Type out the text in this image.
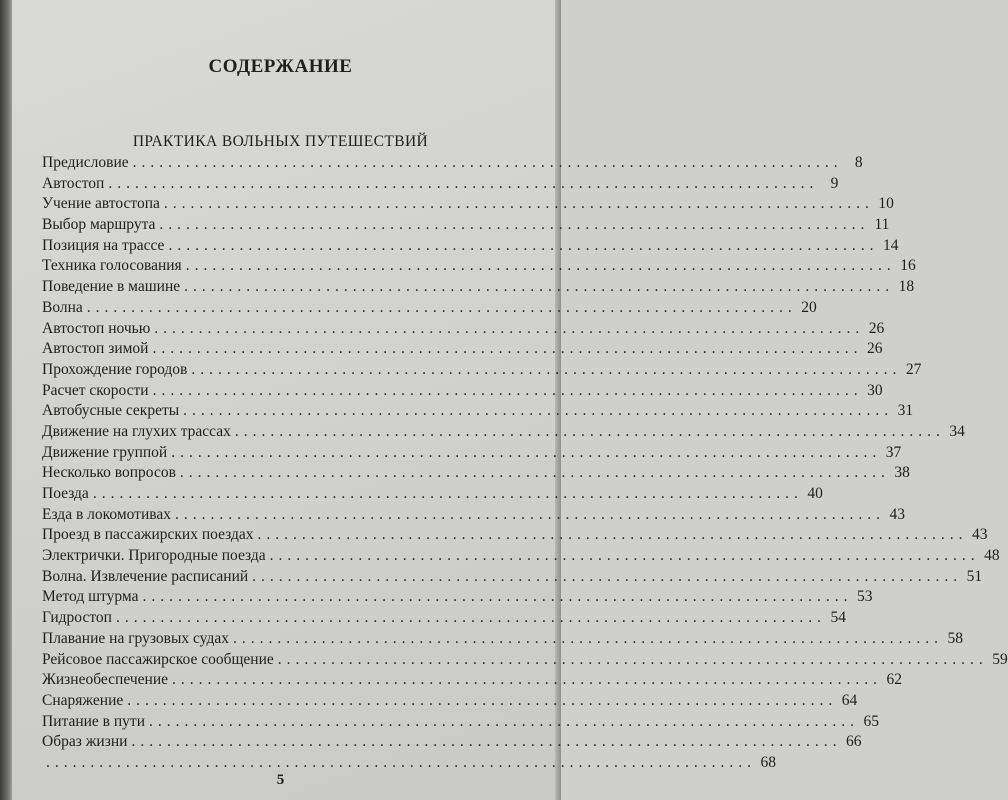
СОДЕРЖАНИЕ
ПРАКТИКА ВОЛЬНЫХ ПУТЕШЕСТВИЙ
Предисловие ................................................................................ 8
Автостоп ................................................................................ 9
Учение автостопа ................................................................................ 10
Выбор маршрута ................................................................................ 11
Позиция на трассе ................................................................................ 14
Техника голосования ................................................................................ 16
Поведение в машине ................................................................................ 18
Волна ................................................................................ 20
Автостоп ночью ................................................................................ 26
Автостоп зимой ................................................................................ 26
Прохождение городов ................................................................................ 27
Расчет скорости ................................................................................ 30
Автобусные секреты ................................................................................ 31
Движение на глухих трассах ................................................................................ 34
Движение группой ................................................................................ 37
Несколько вопросов ................................................................................ 38
Поезда ................................................................................ 40
Езда в локомотивах ................................................................................ 43
Проезд в пассажирских поездах ................................................................................ 43
Электрички. Пригородные поезда ................................................................................ 48
Волна. Извлечение расписаний ................................................................................ 51
Метод штурма ................................................................................ 53
Гидростоп ................................................................................ 54
Плавание на грузовых судах ................................................................................ 58
Рейсовое пассажирское сообщение ................................................................................ 59
Жизнеобеспечение ................................................................................ 62
Снаряжение ................................................................................ 64
Питание в пути ................................................................................ 65
Образ жизни ................................................................................ 66
................................................................................ 68
5
